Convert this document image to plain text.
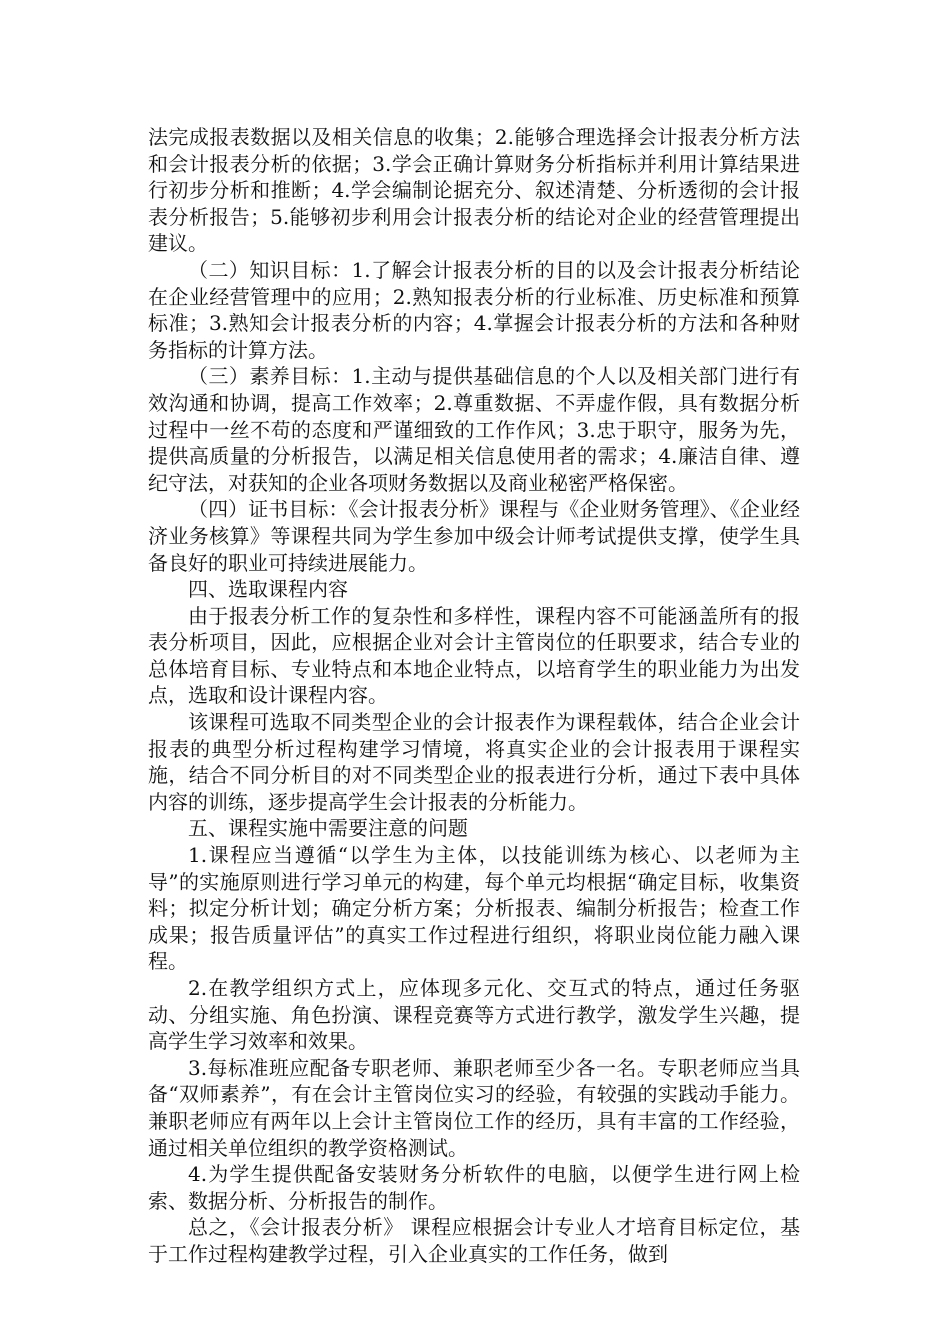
法完成报表数据以及相关信息的收集；2.能够合理选择会计报表分析方法和会计报表分析的依据；3.学会正确计算财务分析指标并利用计算结果进行初步分析和推断；4.学会编制论据充分、叙述清楚、分析透彻的会计报表分析报告；5.能够初步利用会计报表分析的结论对企业的经营管理提出建议。

（二）知识目标：1.了解会计报表分析的目的以及会计报表分析结论在企业经营管理中的应用；2.熟知报表分析的行业标准、历史标准和预算标准；3.熟知会计报表分析的内容；4.掌握会计报表分析的方法和各种财务指标的计算方法。

（三）素养目标：1.主动与提供基础信息的个人以及相关部门进行有效沟通和协调，提高工作效率；2.尊重数据、不弄虚作假，具有数据分析过程中一丝不苟的态度和严谨细致的工作作风；3.忠于职守，服务为先，提供高质量的分析报告，以满足相关信息使用者的需求；4.廉洁自律、遵纪守法，对获知的企业各项财务数据以及商业秘密严格保密。

（四）证书目标：《会计报表分析》课程与《企业财务管理》、《企业经济业务核算》等课程共同为学生参加中级会计师考试提供支撑，使学生具备良好的职业可持续进展能力。

四、选取课程内容

由于报表分析工作的复杂性和多样性，课程内容不可能涵盖所有的报表分析项目，因此，应根据企业对会计主管岗位的任职要求，结合专业的总体培育目标、专业特点和本地企业特点，以培育学生的职业能力为出发点，选取和设计课程内容。

该课程可选取不同类型企业的会计报表作为课程载体，结合企业会计报表的典型分析过程构建学习情境，将真实企业的会计报表用于课程实施，结合不同分析目的对不同类型企业的报表进行分析，通过下表中具体内容的训练，逐步提高学生会计报表的分析能力。

五、课程实施中需要注意的问题

1.课程应当遵循“以学生为主体，以技能训练为核心、以老师为主导”的实施原则进行学习单元的构建，每个单元均根据“确定目标，收集资料；拟定分析计划；确定分析方案；分析报表、编制分析报告；检查工作成果；报告质量评估”的真实工作过程进行组织，将职业岗位能力融入课程。

2.在教学组织方式上，应体现多元化、交互式的特点，通过任务驱动、分组实施、角色扮演、课程竞赛等方式进行教学，激发学生兴趣，提高学生学习效率和效果。

3.每标准班应配备专职老师、兼职老师至少各一名。专职老师应当具备“双师素养”，有在会计主管岗位实习的经验，有较强的实践动手能力。兼职老师应有两年以上会计主管岗位工作的经历，具有丰富的工作经验，通过相关单位组织的教学资格测试。

4.为学生提供配备安装财务分析软件的电脑，以便学生进行网上检索、数据分析、分析报告的制作。

总之，《会计报表分析》 课程应根据会计专业人才培育目标定位，基于工作过程构建教学过程，引入企业真实的工作任务，做到
